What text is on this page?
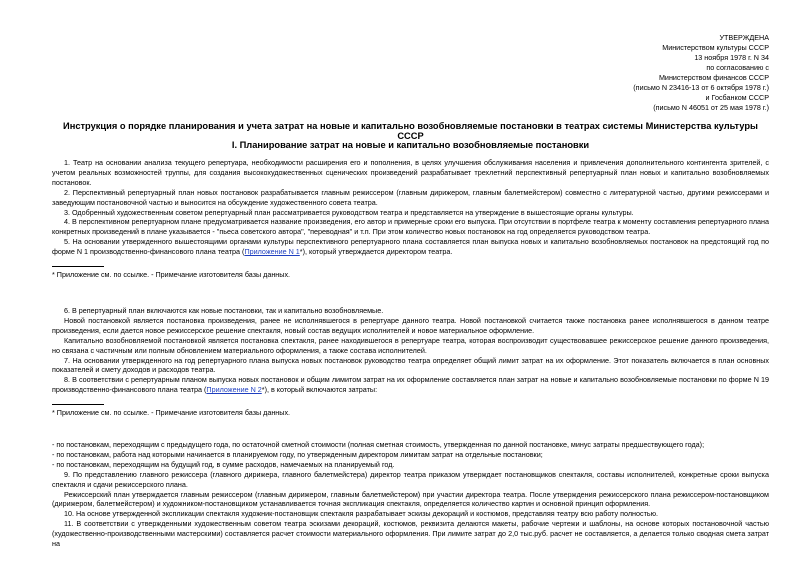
УТВЕРЖДЕНА
Министерством культуры СССР
13 ноября 1978 г. N 34
по согласованию с
Министерством финансов СССР
(письмо N 23416-13 от 6 октября 1978 г.)
и Госбанком СССР
(письмо N 46051 от 25 мая 1978 г.)
Инструкция о порядке планирования и учета затрат на новые и капитально возобновляемые постановки в театрах системы Министерства культуры СССР
I. Планирование затрат на новые и капитально возобновляемые постановки

1. Театр на основании анализа текущего репертуара, необходимости расширения его и пополнения, в целях улучшения обслуживания населения и привлечения дополнительного контингента зрителей, с учетом реальных возможностей труппы, для создания высокохудожественных сценических произведений разрабатывает трехлетний перспективный репертуарный план новых и капитально возобновляемых постановок.

2. Перспективный репертуарный план новых постановок разрабатывается главным режиссером (главным дирижером, главным балетмейстером) совместно с литературной частью, другими режиссерами и заведующим постановочной частью и выносится на обсуждение художественного совета театра.

3. Одобренный художественным советом репертуарный план рассматривается руководством театра и представляется на утверждение в вышестоящие органы культуры.

4. В перспективном репертуарном плане предусматривается название произведения, его автор и примерные сроки его выпуска. При отсутствии в портфеле театра к моменту составления репертуарного плана конкретных произведений в плане указывается - "пьеса советского автора", "переводная" и т.п. При этом количество новых постановок на год определяется руководством театра.

5. На основании утвержденного вышестоящими органами культуры перспективного репертуарного плана составляется план выпуска новых и капитально возобновляемых постановок на предстоящий год по форме N 1 производственно-финансового плана театра (Приложение N 1*), который утверждается директором театра.

* Приложение см. по ссылке. - Примечание изготовителя базы данных.

6. В репертуарный план включаются как новые постановки, так и капитально возобновляемые.

Новой постановкой является постановка произведения, ранее не исполнявшегося в репертуаре данного театра. Новой постановкой считается также постановка ранее исполнявшегося в данном театре произведения, если дается новое режиссерское решение спектакля, новый состав ведущих исполнителей и новое материальное оформление.

Капитально возобновляемой постановкой является постановка спектакля, ранее находившегося в репертуаре театра, которая воспроизводит существовавшее режиссерское решение данного произведения, но связана с частичным или полным обновлением материального оформления, а также состава исполнителей.

7. На основании утвержденного на год репертуарного плана выпуска новых постановок руководство театра определяет общий лимит затрат на их оформление. Этот показатель включается в план основных показателей и смету доходов и расходов театра.

8. В соответствии с репертуарным планом выпуска новых постановок и общим лимитом затрат на их оформление составляется план затрат на новые и капитально возобновляемые постановки по форме N 19 производственно-финансового плана театра (Приложение N 2*), в который включаются затраты:

* Приложение см. по ссылке. - Примечание изготовителя базы данных.

- по постановкам, переходящим с предыдущего года, по остаточной сметной стоимости (полная сметная стоимость, утвержденная по данной постановке, минус затраты предшествующего года);

- по постановкам, работа над которыми начинается в планируемом году, по утвержденным директором лимитам затрат на отдельные постановки;

- по постановкам, переходящим на будущий год, в сумме расходов, намечаемых на планируемый год.

9. По представлению главного режиссера (главного дирижера, главного балетмейстера) директор театра приказом утверждает постановщиков спектакля, составы исполнителей, конкретные сроки выпуска спектакля и сдачи режиссерского плана.

Режиссерский план утверждается главным режиссером (главным дирижером, главным балетмейстером) при участии директора театра. После утверждения режиссерского плана режиссером-постановщиком (дирижером, балетмейстером) и художником-постановщиком устанавливается точная экспликация спектакля, определяется количество картин и основной принцип оформления.

10. На основе утвержденной экспликации спектакля художник-постановщик спектакля разрабатывает эскизы декораций и костюмов, представляя театру всю работу полностью.

11. В соответствии с утвержденными художественным советом театра эскизами декораций, костюмов, реквизита делаются макеты, рабочие чертежи и шаблоны, на основе которых постановочной частью (художественно-производственными мастерскими) составляется расчет стоимости материального оформления. При лимите затрат до 2,0 тыс.руб. расчет не составляется, а делается только сводная смета затрат на
